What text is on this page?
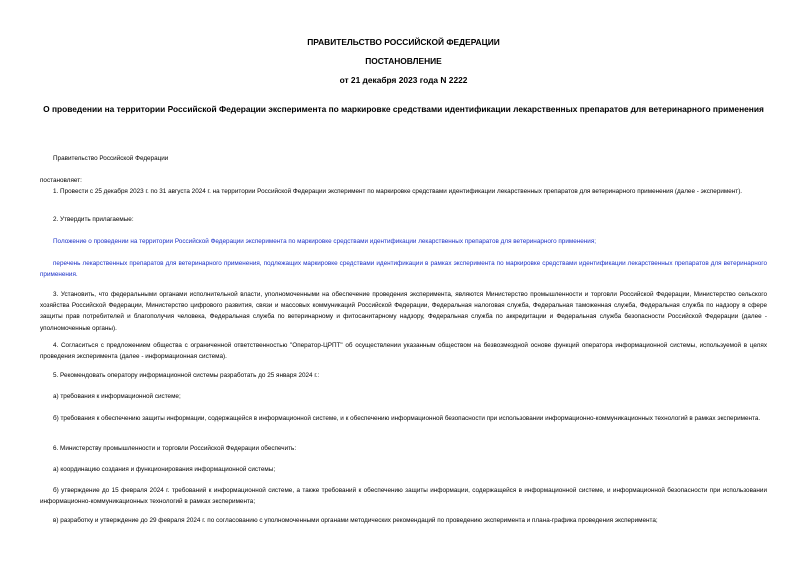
ПРАВИТЕЛЬСТВО РОССИЙСКОЙ ФЕДЕРАЦИИ
ПОСТАНОВЛЕНИЕ
от 21 декабря 2023 года N 2222
О проведении на территории Российской Федерации эксперимента по маркировке средствами идентификации лекарственных препаратов для ветеринарного применения
Правительство Российской Федерации
постановляет:
1. Провести с 25 декабря 2023 г. по 31 августа 2024 г. на территории Российской Федерации эксперимент по маркировке средствами идентификации лекарственных препаратов для ветеринарного применения (далее - эксперимент).
2. Утвердить прилагаемые:
Положение о проведении на территории Российской Федерации эксперимента по маркировке средствами идентификации лекарственных препаратов для ветеринарного применения;
перечень лекарственных препаратов для ветеринарного применения, подлежащих маркировке средствами идентификации в рамках эксперимента по маркировке средствами идентификации лекарственных препаратов для ветеринарного применения.
3. Установить, что федеральными органами исполнительной власти, уполномоченными на обеспечение проведения эксперимента, являются Министерство промышленности и торговли Российской Федерации, Министерство сельского хозяйства Российской Федерации, Министерство цифрового развития, связи и массовых коммуникаций Российской Федерации, Федеральная налоговая служба, Федеральная таможенная служба, Федеральная служба по надзору в сфере защиты прав потребителей и благополучия человека, Федеральная служба по ветеринарному и фитосанитарному надзору, Федеральная служба по аккредитации и Федеральная служба безопасности Российской Федерации (далее - уполномоченные органы).
4. Согласиться с предложением общества с ограниченной ответственностью "Оператор-ЦРПТ" об осуществлении указанным обществом на безвозмездной основе функций оператора информационной системы, используемой в целях проведения эксперимента (далее - информационная система).
5. Рекомендовать оператору информационной системы разработать до 25 января 2024 г.:
а) требования к информационной системе;
б) требования к обеспечению защиты информации, содержащейся в информационной системе, и к обеспечению информационной безопасности при использовании информационно-коммуникационных технологий в рамках эксперимента.
6. Министерству промышленности и торговли Российской Федерации обеспечить:
а) координацию создания и функционирования информационной системы;
б) утверждение до 15 февраля 2024 г. требований к информационной системе, а также требований к обеспечению защиты информации, содержащейся в информационной системе, и информационной безопасности при использовании информационно-коммуникационных технологий в рамках эксперимента;
в) разработку и утверждение до 29 февраля 2024 г. по согласованию с уполномоченными органами методических рекомендаций по проведению эксперимента и плана-графика проведения эксперимента;
